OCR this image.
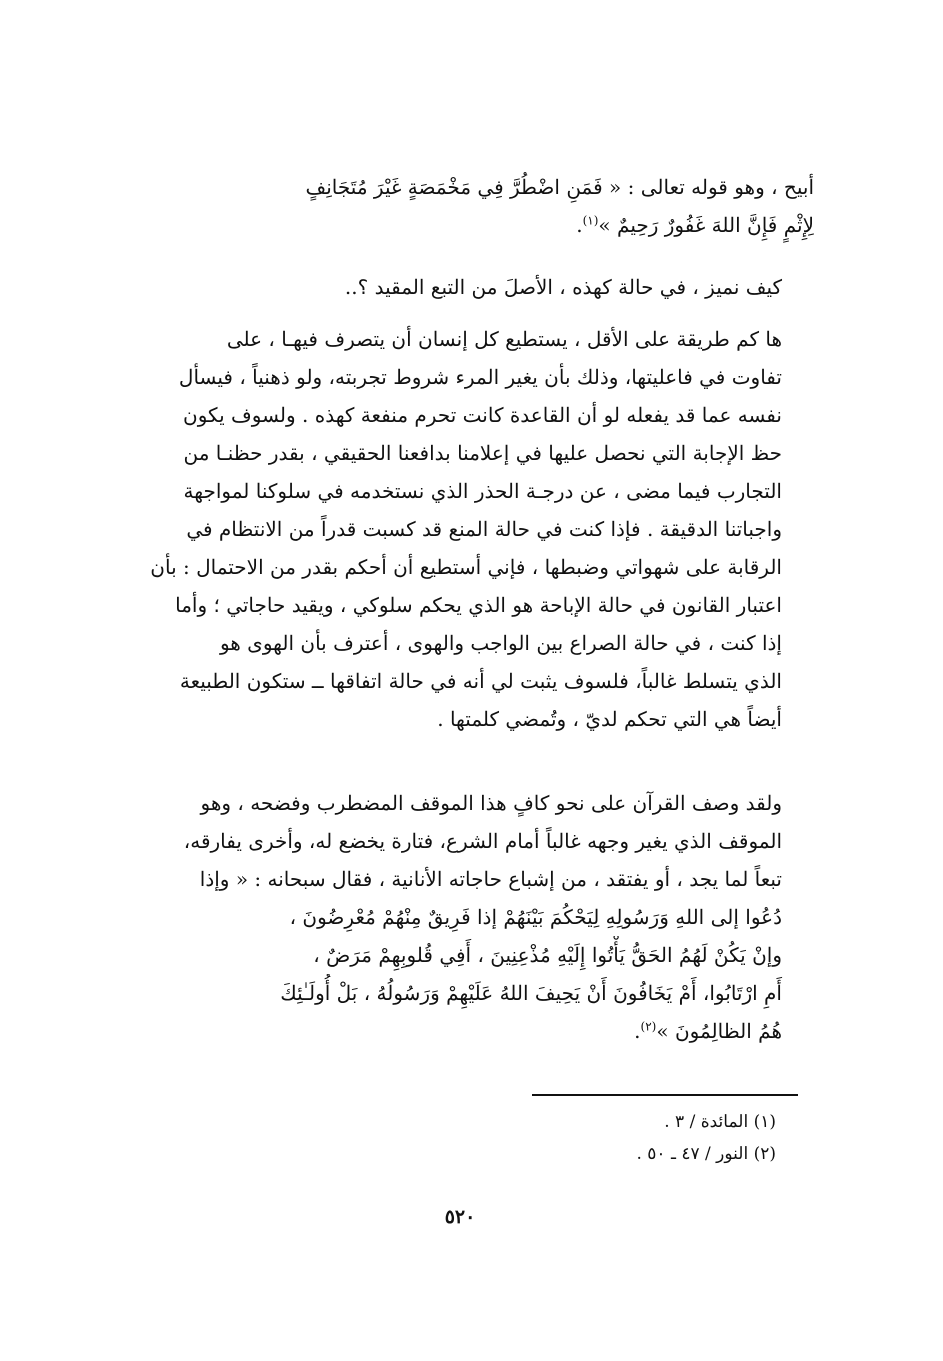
أبيح ، وهو قوله تعالى : « فَمَنِ اضْطُرَّ فِي مَخْمَصَةٍ غَيْرَ مُتَجَانِفٍ
لِإِثْمٍ فَإِنَّ اللهَ غَفُورٌ رَحِيمٌ »$^{(١)}$.
كيف نميز ، في حالة كهذه ، الأصلَ من التبع المقيد ؟..
ها كم طريقة على الأقل ، يستطيع كل إنسان أن يتصرف فيهـا ، على
تفاوت في فاعليتها، وذلك بأن يغير المرء شروط تجربته، ولو ذهنياً ، فيسأل
نفسه عما قد يفعله لو أن القاعدة كانت تحرم منفعة كهذه . ولسوف يكون
حظ الإجابة التي نحصل عليها في إعلامنا بدافعنا الحقيقي ، بقدر حظنـا من
التجارب فيما مضى ، عن درجـة الحذر الذي نستخدمه في سلوكنا لمواجهة
واجباتنا الدقيقة . فإذا كنت في حالة المنع قد كسبت قدراً من الانتظام في
الرقابة على شهواتي وضبطها ، فإني أستطيع أن أحكم بقدر من الاحتمال : بأن
اعتبار القانون في حالة الإباحة هو الذي يحكم سلوكي ، ويقيد حاجاتي ؛ وأما
إذا كنت ، في حالة الصراع بين الواجب والهوى ، أعترف بأن الهوى هو
الذي يتسلط غالباً، فلسوف يثبت لي أنه في حالة اتفاقها ــ ستكون الطبيعة
أيضاً هي التي تحكم لديّ ، وتُمضي كلمتها .
ولقد وصف القرآن على نحو كافٍ هذا الموقف المضطرب وفضحه ، وهو
الموقف الذي يغير وجهه غالباً أمام الشرع، فتارة يخضع له، وأخرى يفارقه،
تبعاً لما يجد ، أو يفتقد ، من إشباع حاجاته الأنانية ، فقال سبحانه : « وإذا
دُعُوا إلى اللهِ وَرَسُولِهِ لِيَحْكُمَ بَيْنَهُمْ إذا فَرِيقٌ مِنْهُمْ مُعْرِضُونَ ،
وإنْ يَكُنْ لَهُمُ الحَقُّ يَأْتُوا إِلَيْهِ مُذْعِنِينَ ، أَفِي قُلوبِهِمْ مَرَضٌ ،
أَمِ ارْتَابُوا، أَمْ يَخَافُونَ أَنْ يَحِيفَ اللهُ عَلَيْهِمْ وَرَسُولُهُ ، بَلْ أُولَـٰئِكَ
هُمُ الظالِمُونَ »$^{(٢)}$.
(١) المائدة / ٣ .
(٢) النور / ٤٧ ـ ٥٠ .
٥٢٠
